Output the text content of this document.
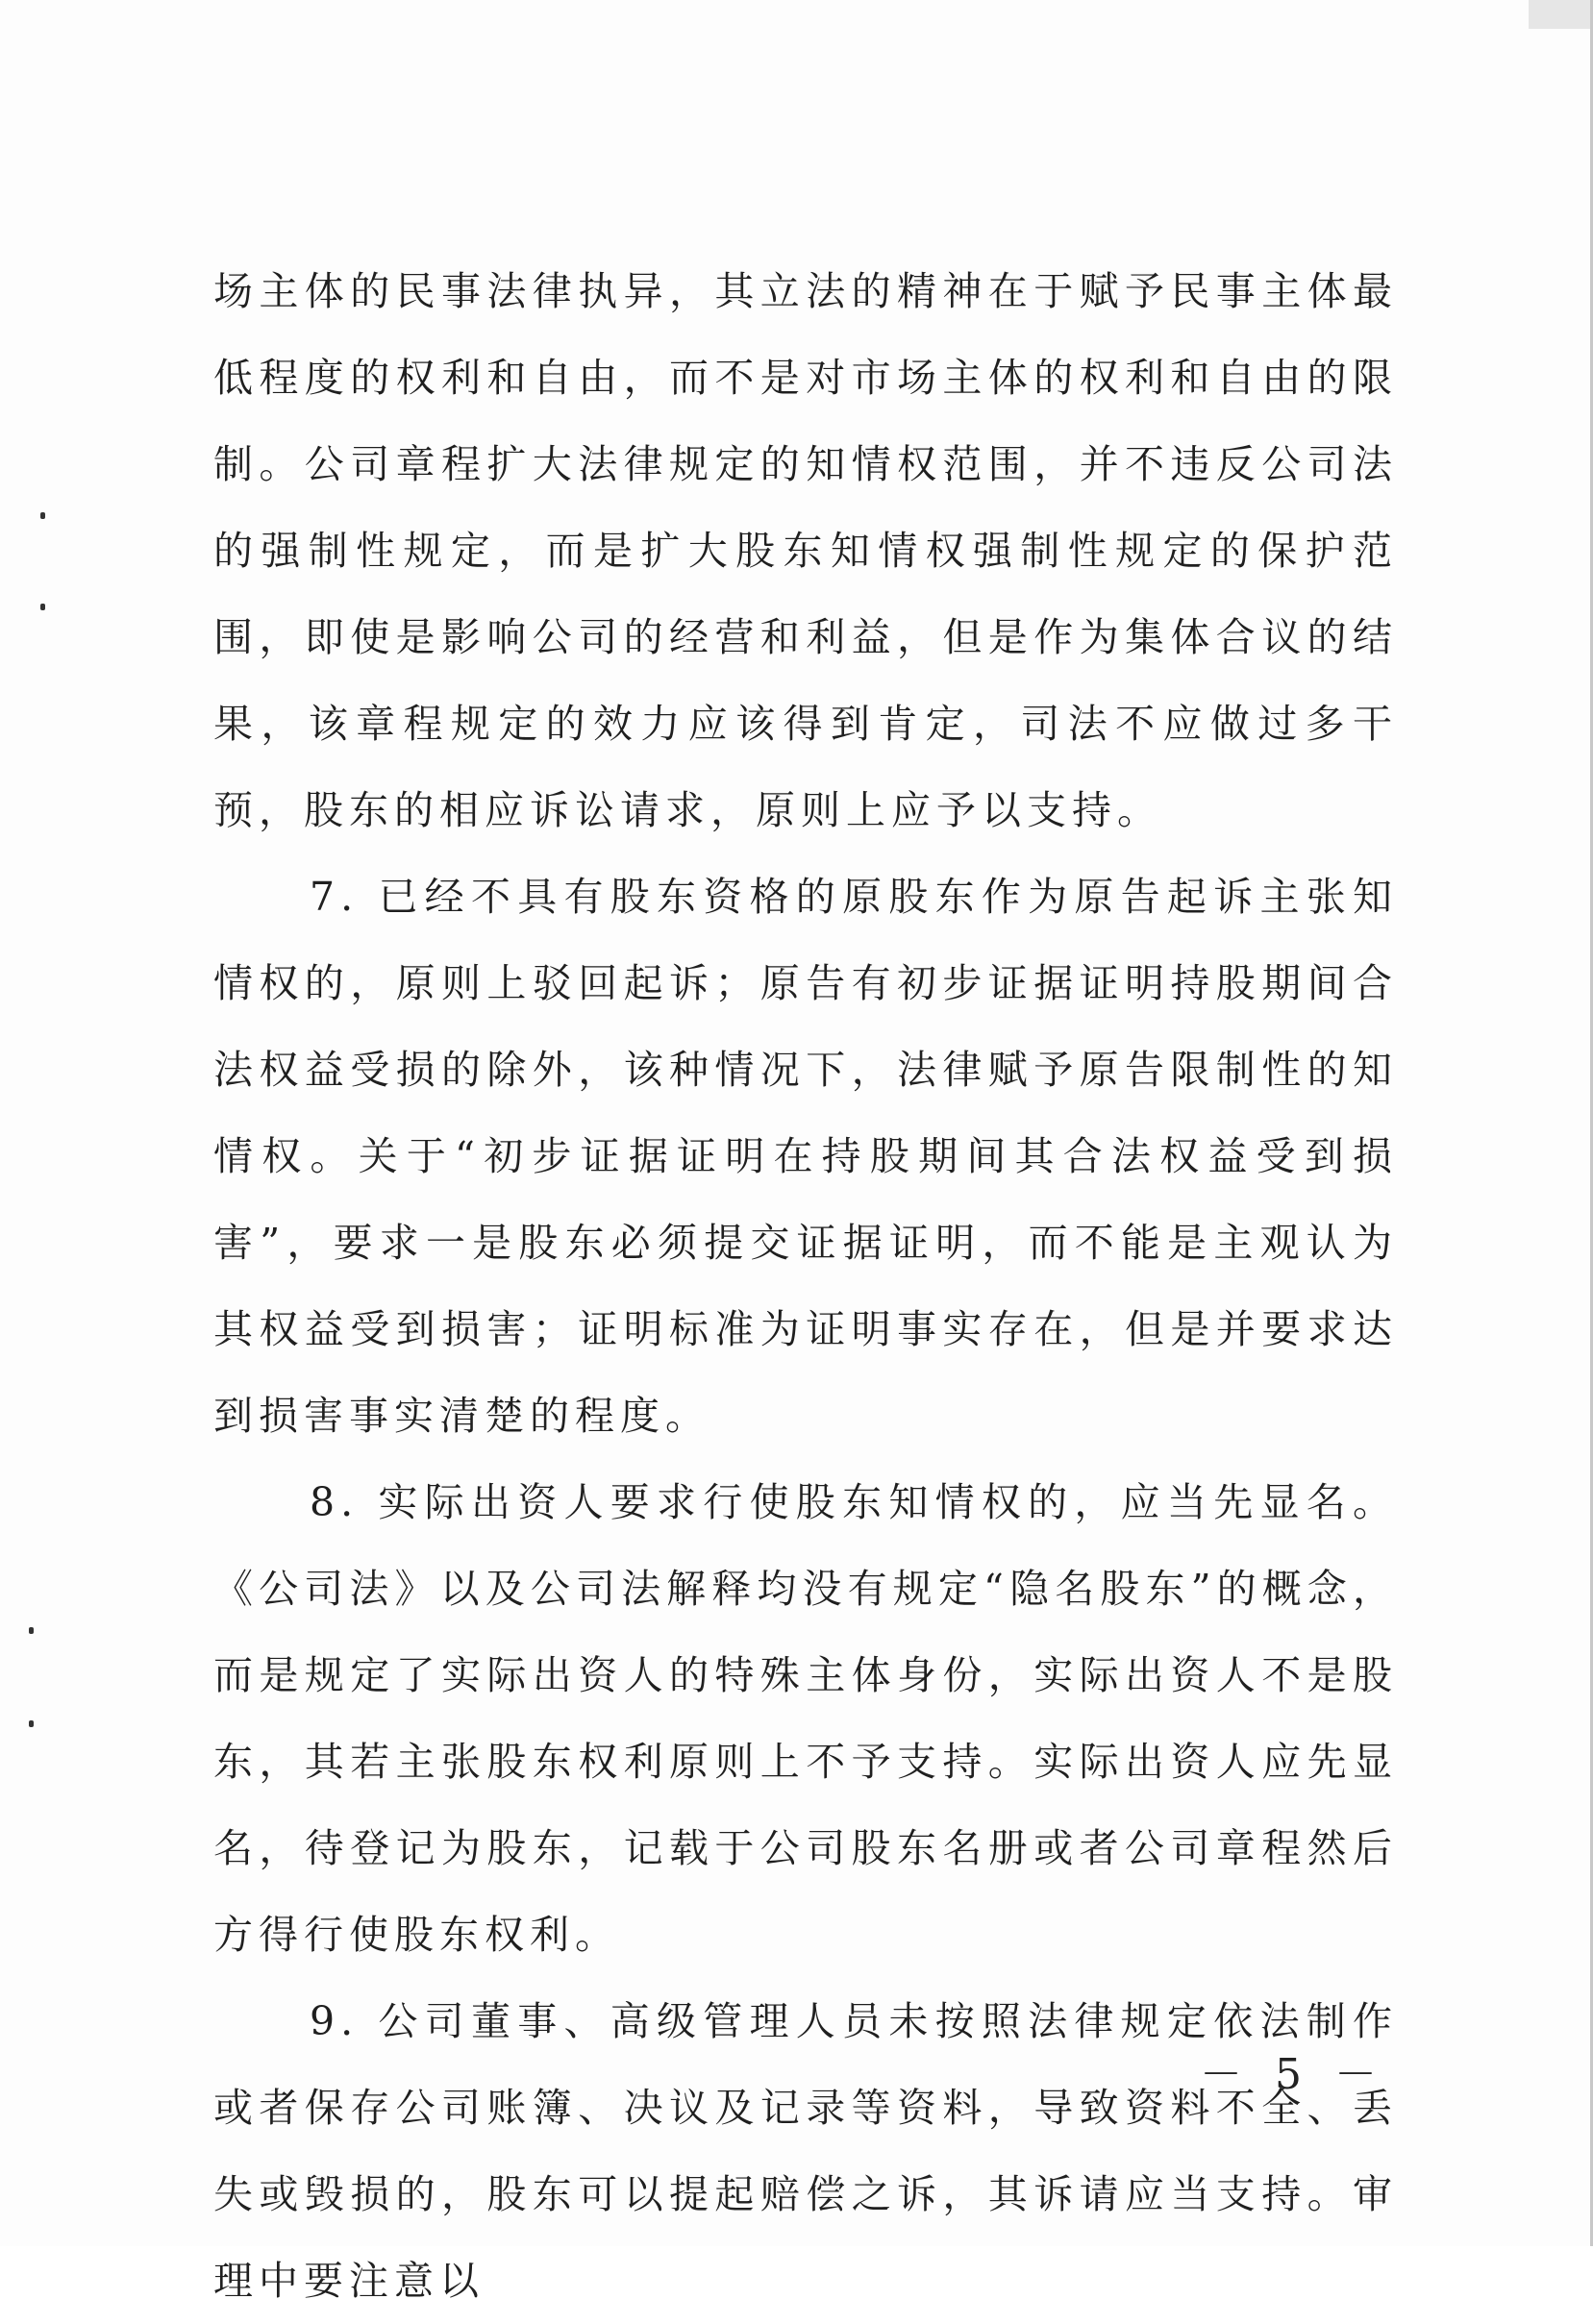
场主体的民事法律执异，其立法的精神在于赋予民事主体最低程度的权利和自由，而不是对市场主体的权利和自由的限制。公司章程扩大法律规定的知情权范围，并不违反公司法的强制性规定，而是扩大股东知情权强制性规定的保护范围，即使是影响公司的经营和利益，但是作为集体合议的结果，该章程规定的效力应该得到肯定，司法不应做过多干预，股东的相应诉讼请求，原则上应予以支持。

7. 已经不具有股东资格的原股东作为原告起诉主张知情权的，原则上驳回起诉；原告有初步证据证明持股期间合法权益受损的除外，该种情况下，法律赋予原告限制性的知情权。关于“初步证据证明在持股期间其合法权益受到损害”，要求一是股东必须提交证据证明，而不能是主观认为其权益受到损害；证明标准为证明事实存在，但是并要求达到损害事实清楚的程度。

8. 实际出资人要求行使股东知情权的，应当先显名。《公司法》以及公司法解释均没有规定“隐名股东”的概念，而是规定了实际出资人的特殊主体身份，实际出资人不是股东，其若主张股东权利原则上不予支持。实际出资人应先显名，待登记为股东，记载于公司股东名册或者公司章程然后方得行使股东权利。

9. 公司董事、高级管理人员未按照法律规定依法制作或者保存公司账簿、决议及记录等资料，导致资料不全、丢失或毁损的，股东可以提起赔偿之诉，其诉请应当支持。审理中要注意以

－ 5 －
